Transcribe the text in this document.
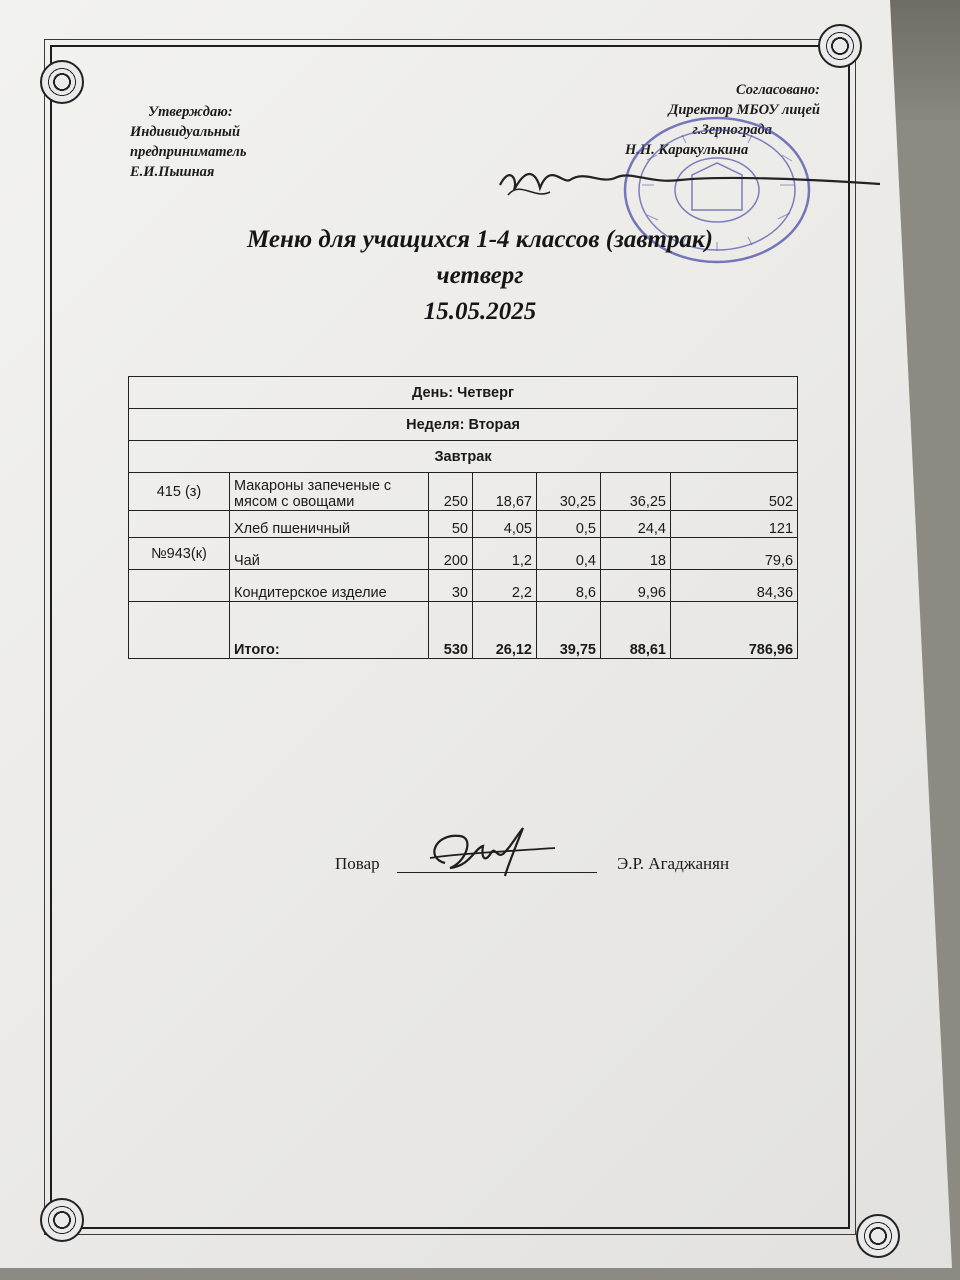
Утверждаю:
Индивидуальный
предприниматель
Е.И.Пышная
Согласовано:
Директор МБОУ лицей
г.Зернограда
Н.Н. Каракулькина
Меню для учащихся 1-4 классов (завтрак)
четверг
15.05.2025
День: Четверг						
Неделя: Вторая						
Завтрак						
415 (з)	Макароны запеченые с мясом с овощами	250	18,67	30,25	36,25	502
	Хлеб пшеничный	50	4,05	0,5	24,4	121
№943(к)	Чай	200	1,2	0,4	18	79,6
	Кондитерское изделие	30	2,2	8,6	9,96	84,36
	Итого:	530	26,12	39,75	88,61	786,96
Повар	Э.Р. Агаджанян
